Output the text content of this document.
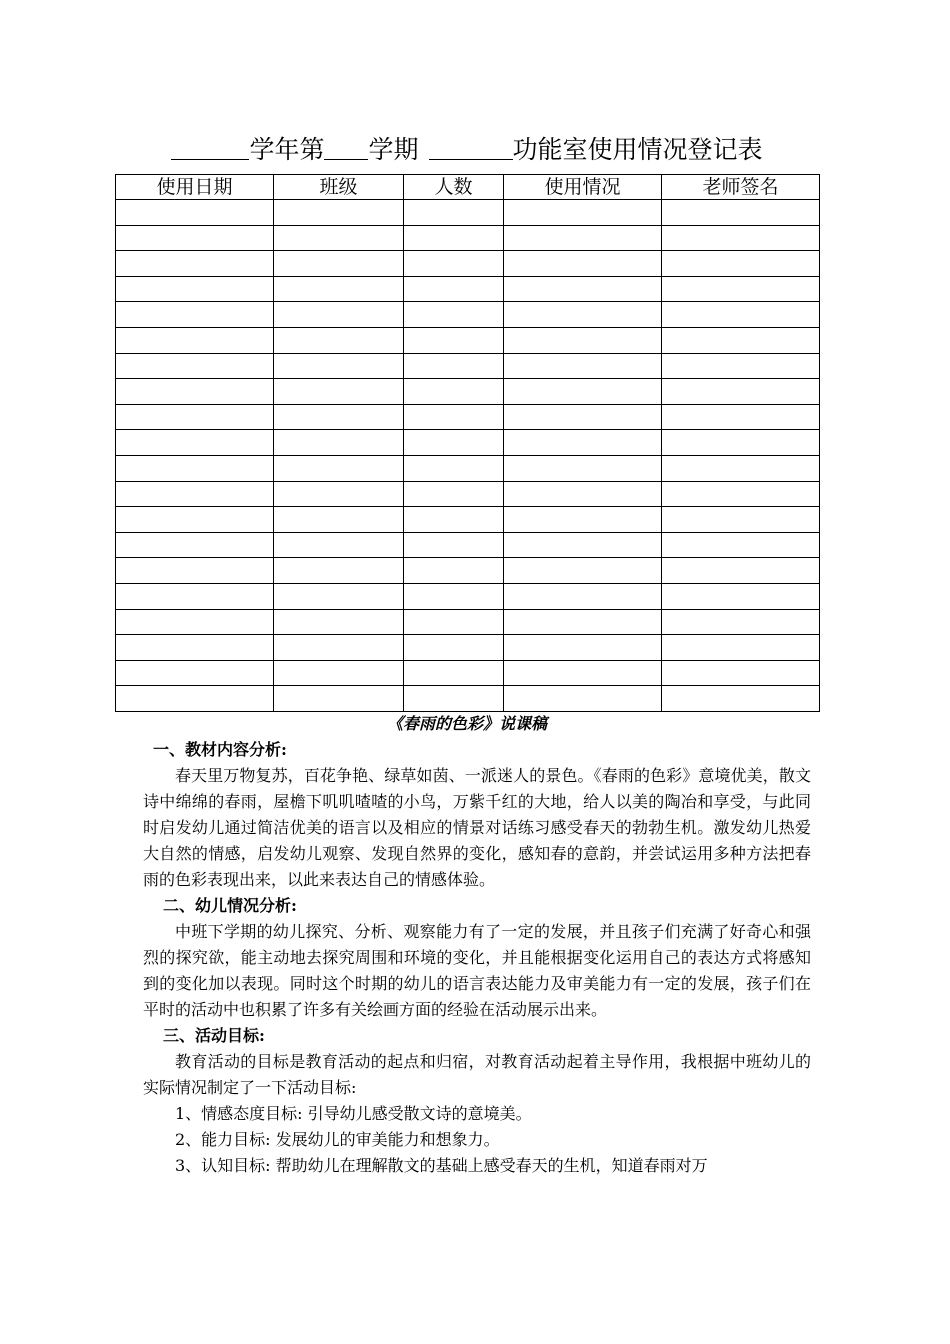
学年第 学期	功能室使用情况登记表
使用日期	班级	人数	使用情况	老师签名

《春雨的色彩》说课稿

一、教材内容分析:

春天里万物复苏，百花争艳、绿草如茵、一派迷人的景色。《春雨的色彩》意境优美，散文诗中绵绵的春雨，屋檐下叽叽喳喳的小鸟，万紫千红的大地，给人以美的陶冶和享受，与此同时启发幼儿通过简洁优美的语言以及相应的情景对话练习感受春天的勃勃生机。激发幼儿热爱大自然的情感，启发幼儿观察、发现自然界的变化，感知春的意韵，并尝试运用多种方法把春雨的色彩表现出来，以此来表达自己的情感体验。

二、幼儿情况分析:

中班下学期的幼儿探究、分析、观察能力有了一定的发展，并且孩子们充满了好奇心和强烈的探究欲，能主动地去探究周围和环境的变化，并且能根据变化运用自己的表达方式将感知到的变化加以表现。同时这个时期的幼儿的语言表达能力及审美能力有一定的发展，孩子们在平时的活动中也积累了许多有关绘画方面的经验在活动展示出来。

三、活动目标:

教育活动的目标是教育活动的起点和归宿，对教育活动起着主导作用，我根据中班幼儿的实际情况制定了一下活动目标:

1、情感态度目标: 引导幼儿感受散文诗的意境美。

2、能力目标: 发展幼儿的审美能力和想象力。

3、认知目标: 帮助幼儿在理解散文的基础上感受春天的生机，知道春雨对万
